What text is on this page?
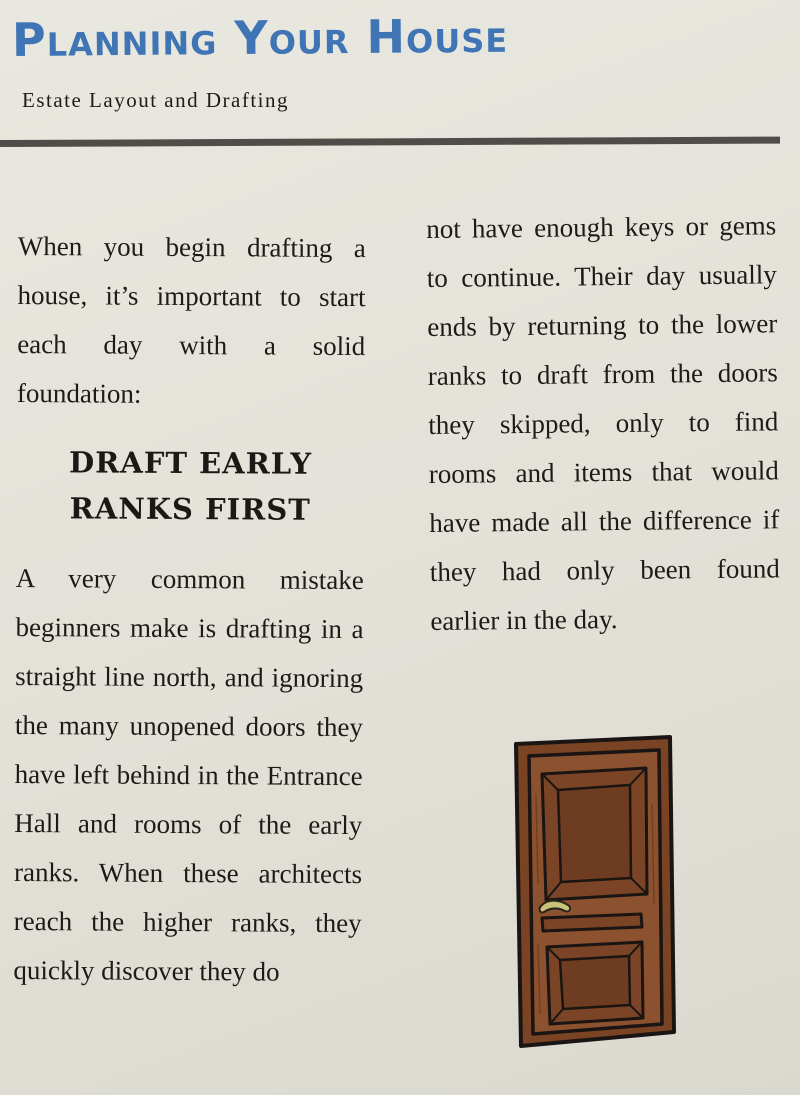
Planning Your House
Estate Layout and Drafting

When you begin drafting a house, it’s important to start each day with a solid foundation:

DRAFT EARLY RANKS FIRST

A very common mistake beginners make is drafting in a straight line north, and ignoring the many unopened doors they have left behind in the Entrance Hall and rooms of the early ranks. When these architects reach the higher ranks, they quickly discover they do

not have enough keys or gems to continue. Their day usually ends by returning to the lower ranks to draft from the doors they skipped, only to find rooms and items that would have made all the difference if they had only been found earlier in the day.
